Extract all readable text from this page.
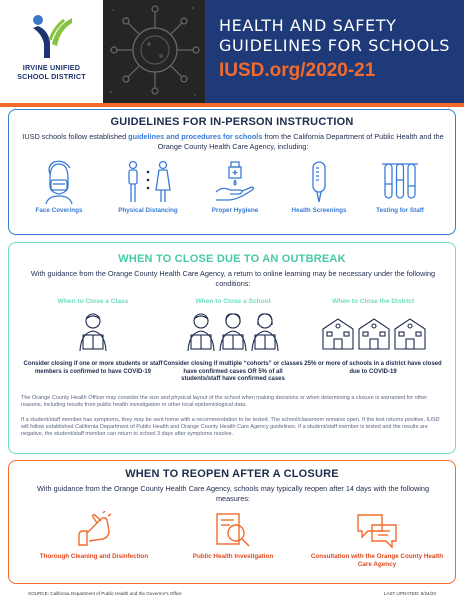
IRVINE UNIFIED
SCHOOL DISTRICT
HEALTH AND SAFETY
GUIDELINES FOR SCHOOLS
IUSD.org/2020-21
GUIDELINES FOR IN-PERSON INSTRUCTION
IUSD schools follow established guidelines and procedures for schools from the California Department of Public Health and the Orange County Health Care Agency, including:
Face Coverings	Physical Distancing	Proper Hygiene	Health Screenings	Testing for Staff
WHEN TO CLOSE DUE TO AN OUTBREAK
With guidance from the Orange County Health Care Agency, a return to online learning may be necessary under the following conditions:
When to Close a Class	When to Close a School	When to Close the District
Consider closing if one or more students or staff members is confirmed to have COVID-19
Consider closing if multiple “cohorts” or classes have confirmed cases OR 5% of all students/staff have confirmed cases
25% or more of schools in a district have closed due to COVID-19
The Orange County Health Officer may consider the size and physical layout of the school when making decisions or when determining a closure is warranted for other reasons, including results from public health investigation or other local epidemiological data.
If a student/staff member has symptoms, they may be sent home with a recommendation to be tested. The school/classroom remains open. If the test returns positive, IUSD will follow established California Department of Public Health and Orange County Health Care Agency guidelines. If a student/staff member is tested and the results are negative, the student/staff member can return to school 3 days after symptoms resolve.
WHEN TO REOPEN AFTER A CLOSURE
With guidance from the Orange County Health Care Agency, schools may typically reopen after 14 days with the following measures:
Thorough Cleaning and Disinfection	Public Health Investigation	Consultation with the Orange County Health Care Agency
SOURCE: California Department of Public Health and the Governor's Office	LAST UPDATED: 8/24/20
